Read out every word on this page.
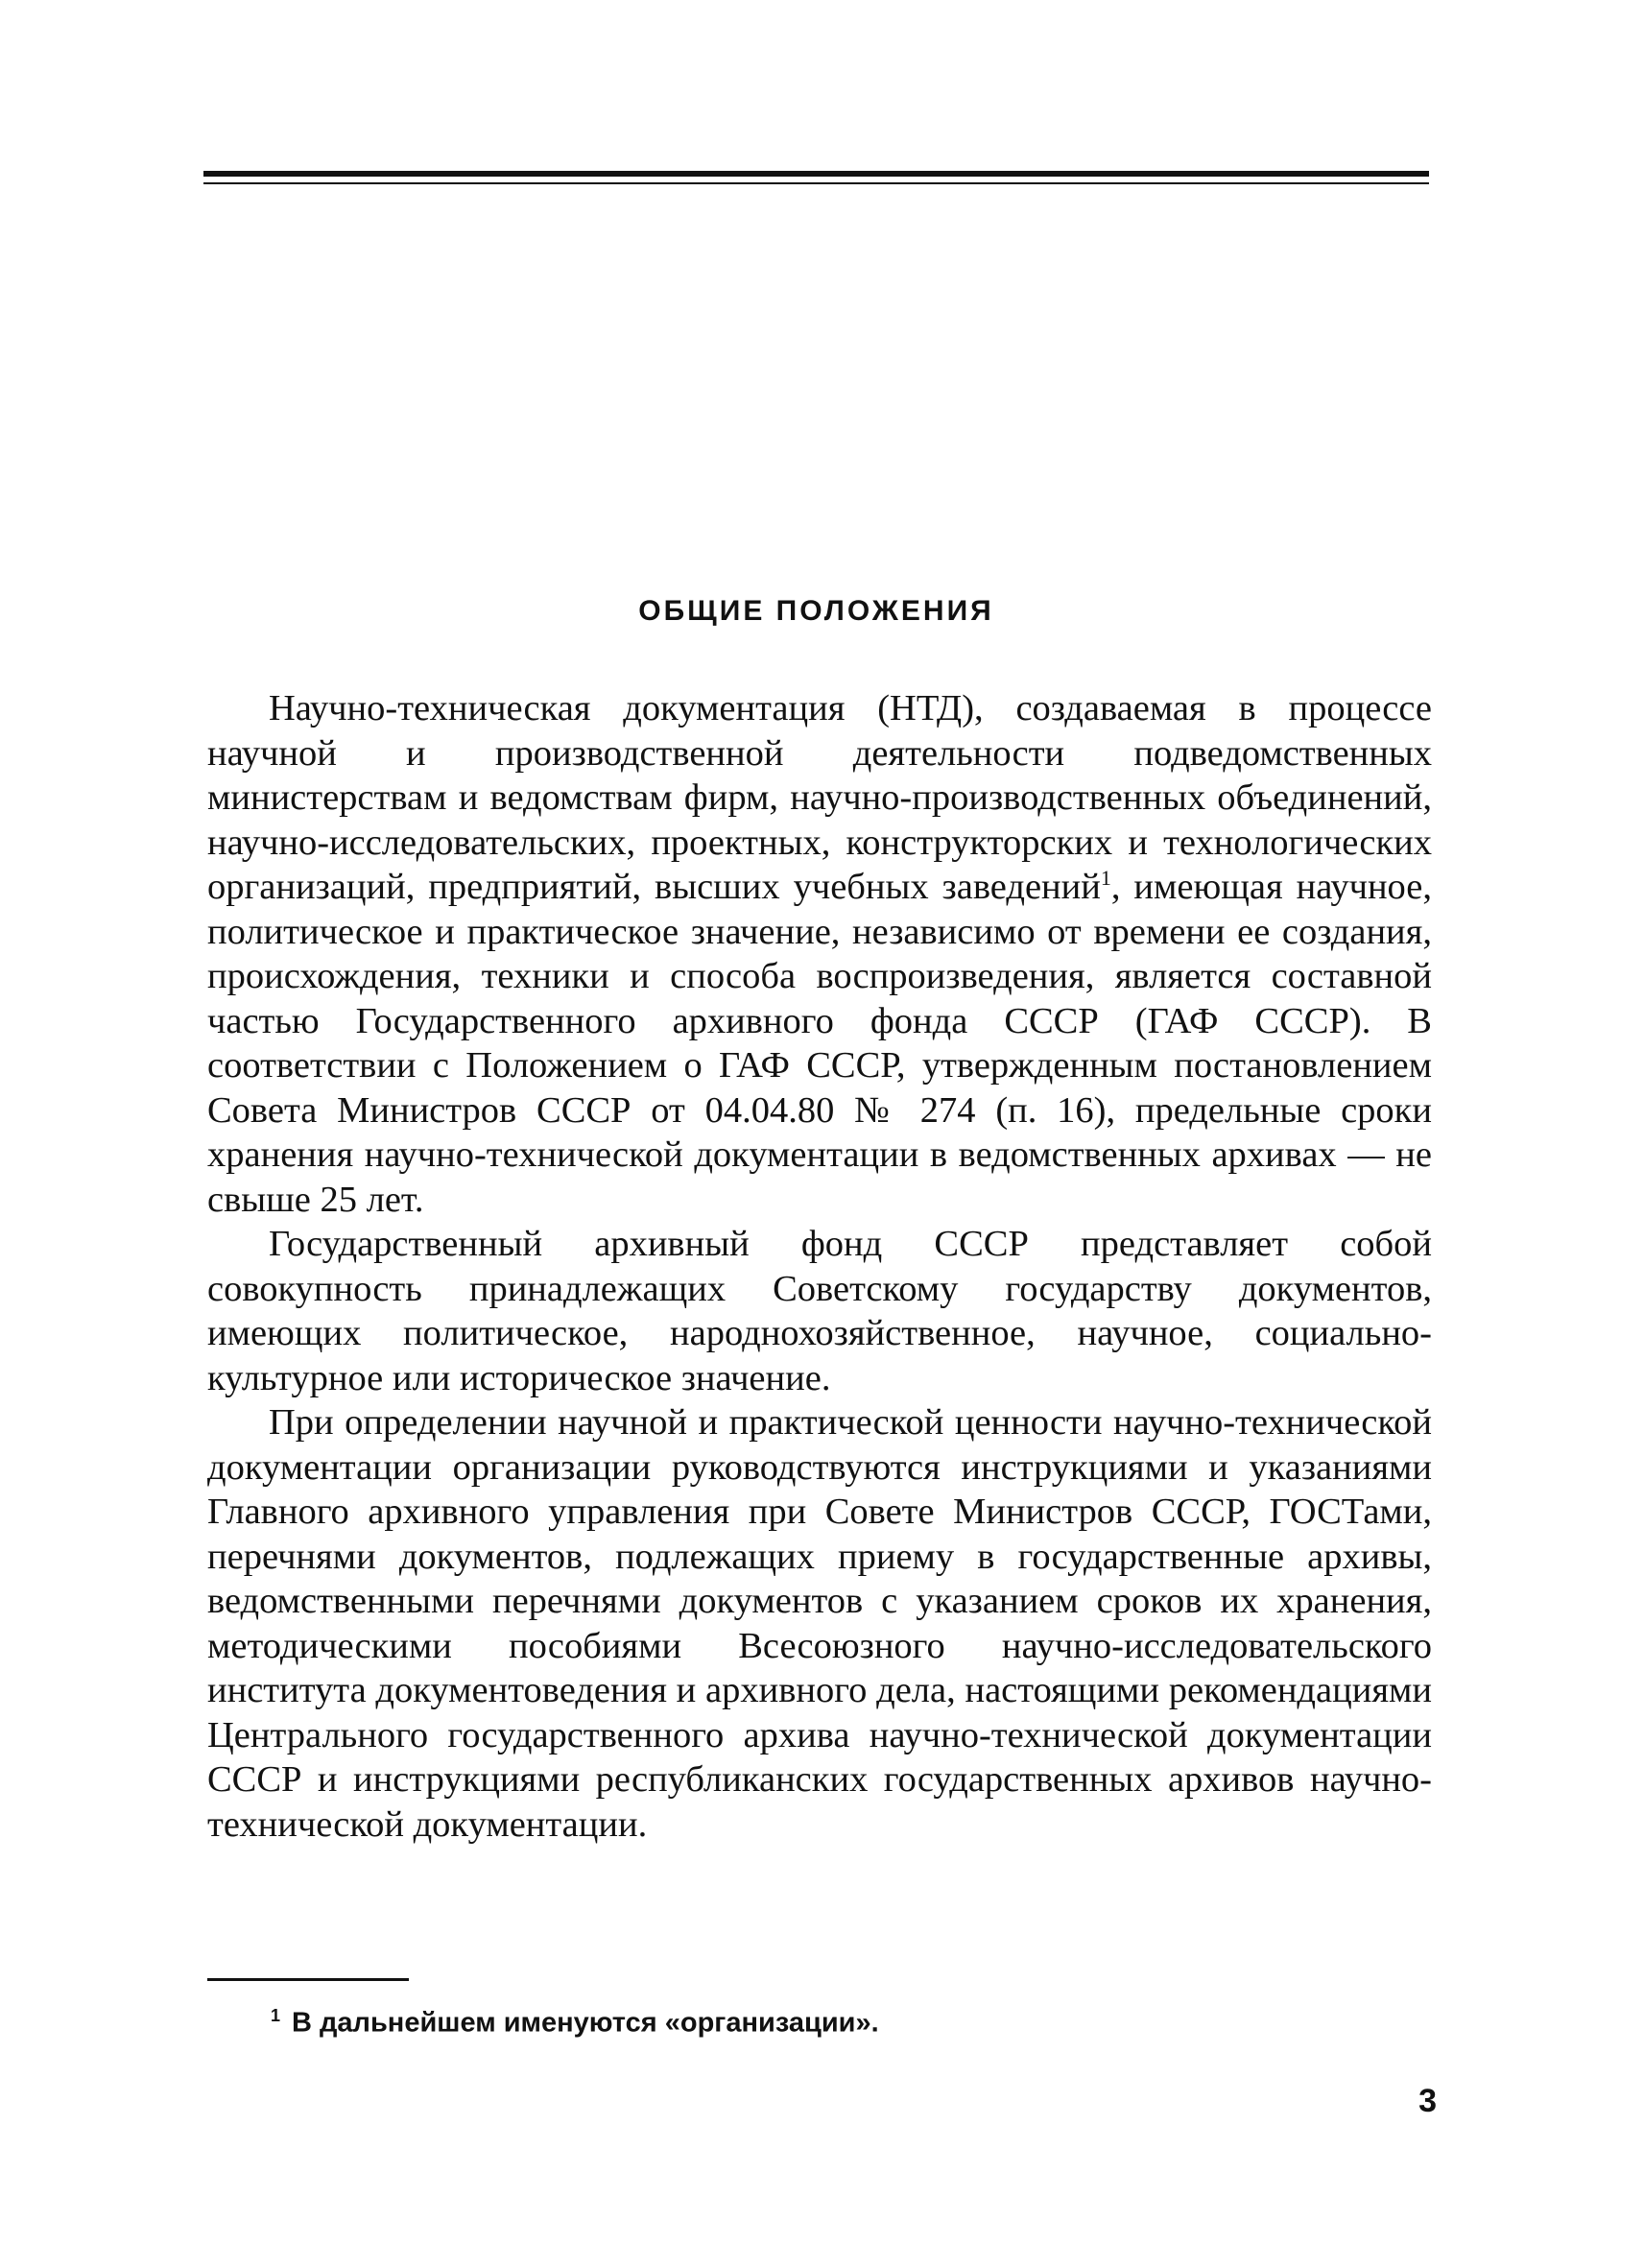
ОБЩИЕ ПОЛОЖЕНИЯ

Научно-техническая документация (НТД), создаваемая в процессе научной и производственной деятельности подведомственных министерствам и ведомствам фирм, научно-производственных объединений, научно-исследовательских, проектных, конструкторских и технологических организаций, предприятий, высших учебных заведений$^1$, имеющая научное, политическое и практическое значение, независимо от времени ее создания, происхождения, техники и способа воспроизведения, является составной частью Государственного архивного фонда СССР (ГАФ СССР). В соответствии с Положением о ГАФ СССР, утвержденным постановлением Совета Министров СССР от 04.04.80 № 274 (п. 16), предельные сроки хранения научно-технической документации в ведомственных архивах — не свыше 25 лет.

Государственный архивный фонд СССР представляет собой совокупность принадлежащих Советскому государству документов, имеющих политическое, народнохозяйственное, научное, социально-культурное или историческое значение.

При определении научной и практической ценности научно-технической документации организации руководствуются инструкциями и указаниями Главного архивного управления при Совете Министров СССР, ГОСТами, перечнями документов, подлежащих приему в государственные архивы, ведомственными перечнями документов с указанием сроков их хранения, методическими пособиями Всесоюзного научно-исследовательского института документоведения и архивного дела, настоящими рекомендациями Центрального государственного архива научно-технической документации СССР и инструкциями республиканских государственных архивов научно-технической документации.

$^1$ В дальнейшем именуются «организации».
3
